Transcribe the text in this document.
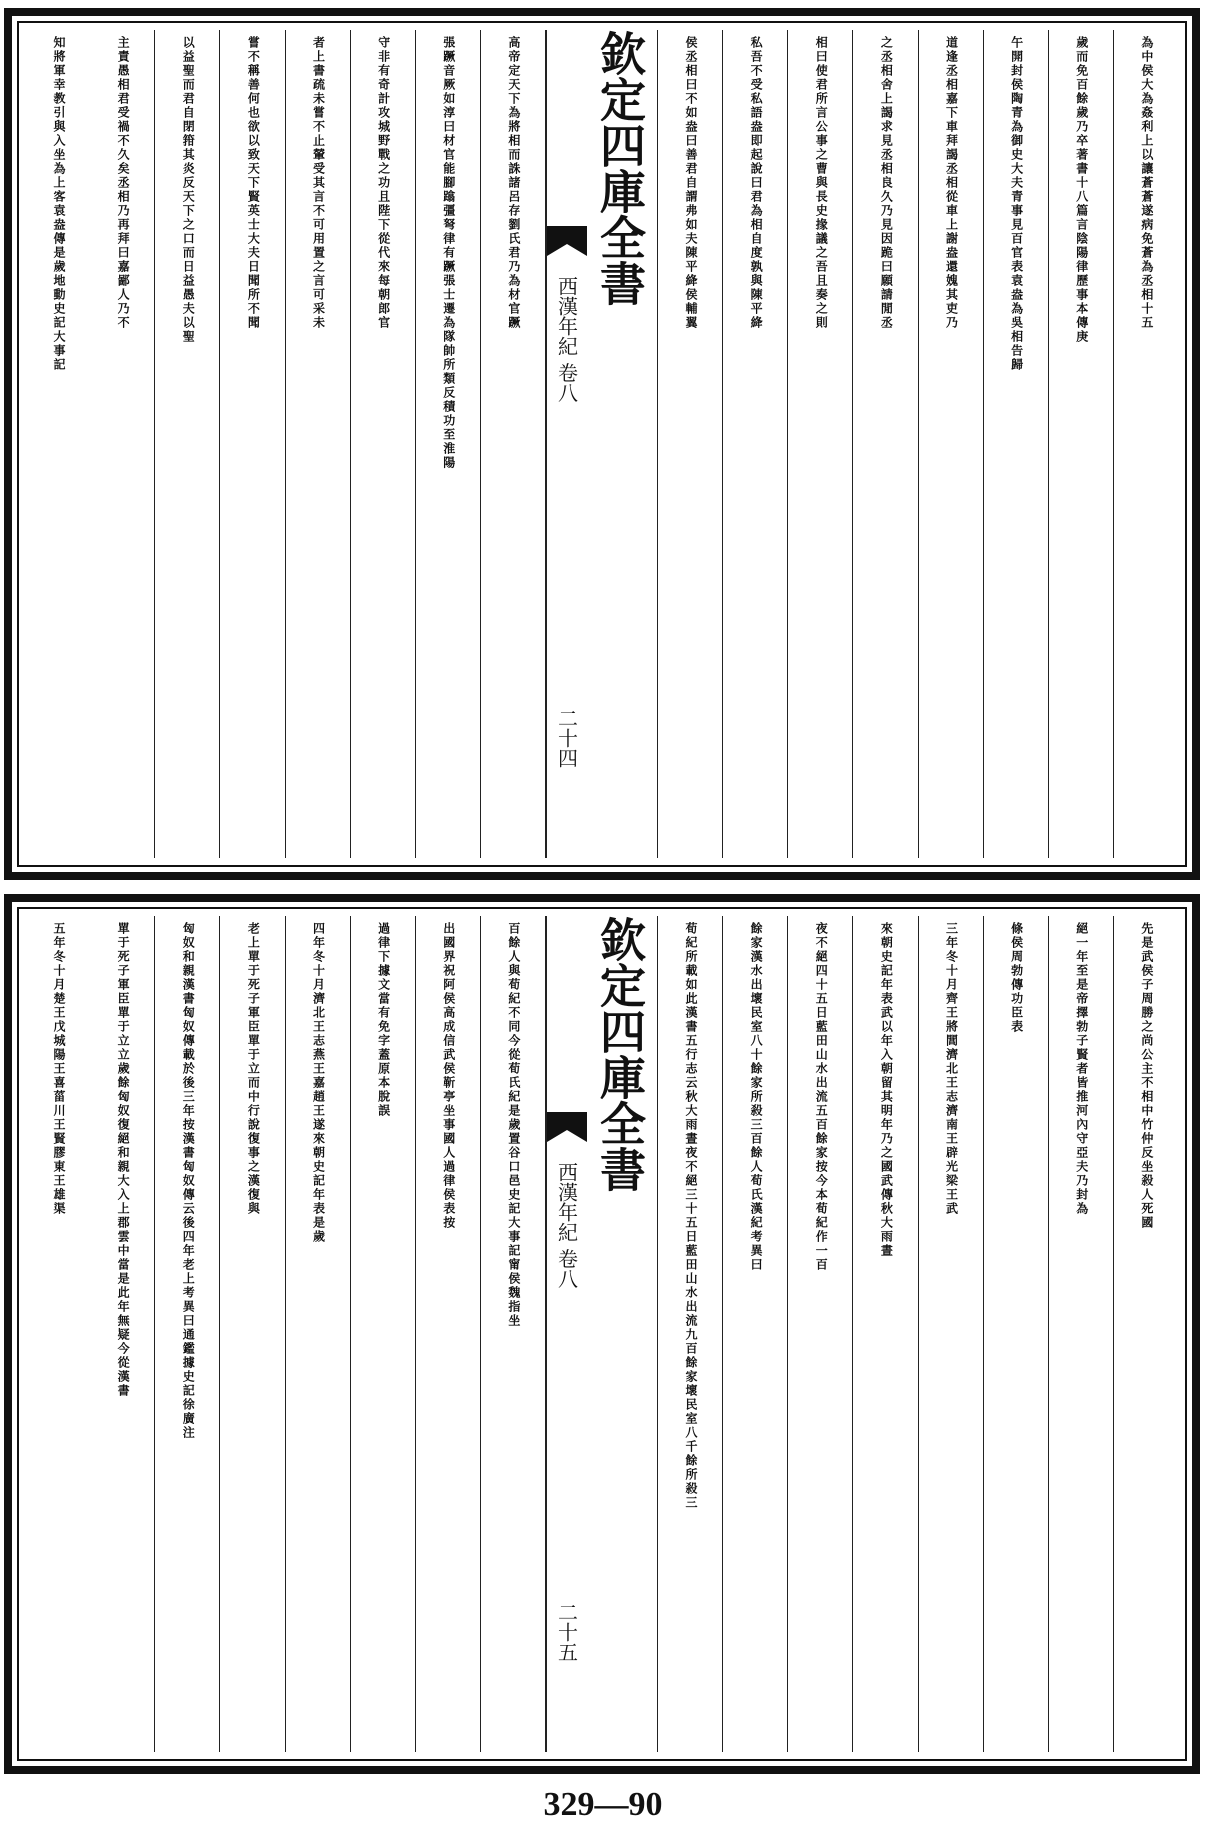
為中侯大為姦利上以讓蒼蒼遂病免蒼為丞相十五
歲而免百餘歲乃卒著書十八篇言陰陽律歷事本傳庚
午開封侯陶青為御史大夫青事見百官表袁盎為吳相告歸
道逢丞相嘉下車拜謁丞相從車上謝盎還媿其吏乃
之丞相舍上謁求見丞相良久乃見因跪曰願請閒丞
相曰使君所言公事之曹與長史掾議之吾且奏之則
私吾不受私語盎即起說曰君為相自度孰與陳平絳
侯丞相曰不如盎曰善君自謂弗如夫陳平絳侯輔翼
欽定四庫全書
西漢年紀 卷八
二十四
高帝定天下為將相而誅諸呂存劉氏君乃為材官蹶
張蹶音厥如淳曰材官能腳蹹彊弩律有蹶張士遷為隊帥所類反積功至淮陽
守非有奇計攻城野戰之功且陛下從代來每朝郎官
者上書疏未嘗不止輦受其言不可用置之言可采未
嘗不稱善何也欲以致天下賢英士大夫日聞所不聞
以益聖而君自閉箝其炎反天下之口而日益愚夫以聖
主責愚相君受禍不久矣丞相乃再拜曰嘉鄙人乃不
知將軍幸教引與入坐為上客袁盎傳是歲地動史記大事記
先是武侯子周勝之尚公主不相中竹仲反坐殺人死國
絕一年至是帝擇勃子賢者皆推河內守亞夫乃封為
條侯周勃傳功臣表
三年冬十月齊王將閭濟北王志濟南王辟光梁王武
來朝史記年表武以年入朝留其明年乃之國武傳秋大雨晝
夜不絕四十五日藍田山水出流五百餘家按今本荀紀作一百
餘家漢水出壞民室八十餘家所殺三百餘人荀氏漢紀考異曰
荀紀所載如此漢書五行志云秋大雨晝夜不絕三十五日藍田山水出流九百餘家壞民室八千餘所殺三
欽定四庫全書
西漢年紀 卷八
二十五
百餘人與荀紀不同今從荀氏紀是歲置谷口邑史記大事記甯侯魏指坐
出國界祝阿侯高成信武侯靳亭坐事國人過律侯表按
過律下據文當有免字蓋原本脫誤
四年冬十月濟北王志燕王嘉趙王遂來朝史記年表是歲
老上單于死子軍臣單于立而中行說復事之漢復與
匈奴和親漢書匈奴傳載於後三年按漢書匈奴傳云後四年老上考異曰通鑑據史記徐廣注
單于死子軍臣單于立立歲餘匈奴復絕和親大入上郡雲中當是此年無疑今從漢書
五年冬十月楚王戊城陽王喜菑川王賢膠東王雄渠
329—90
